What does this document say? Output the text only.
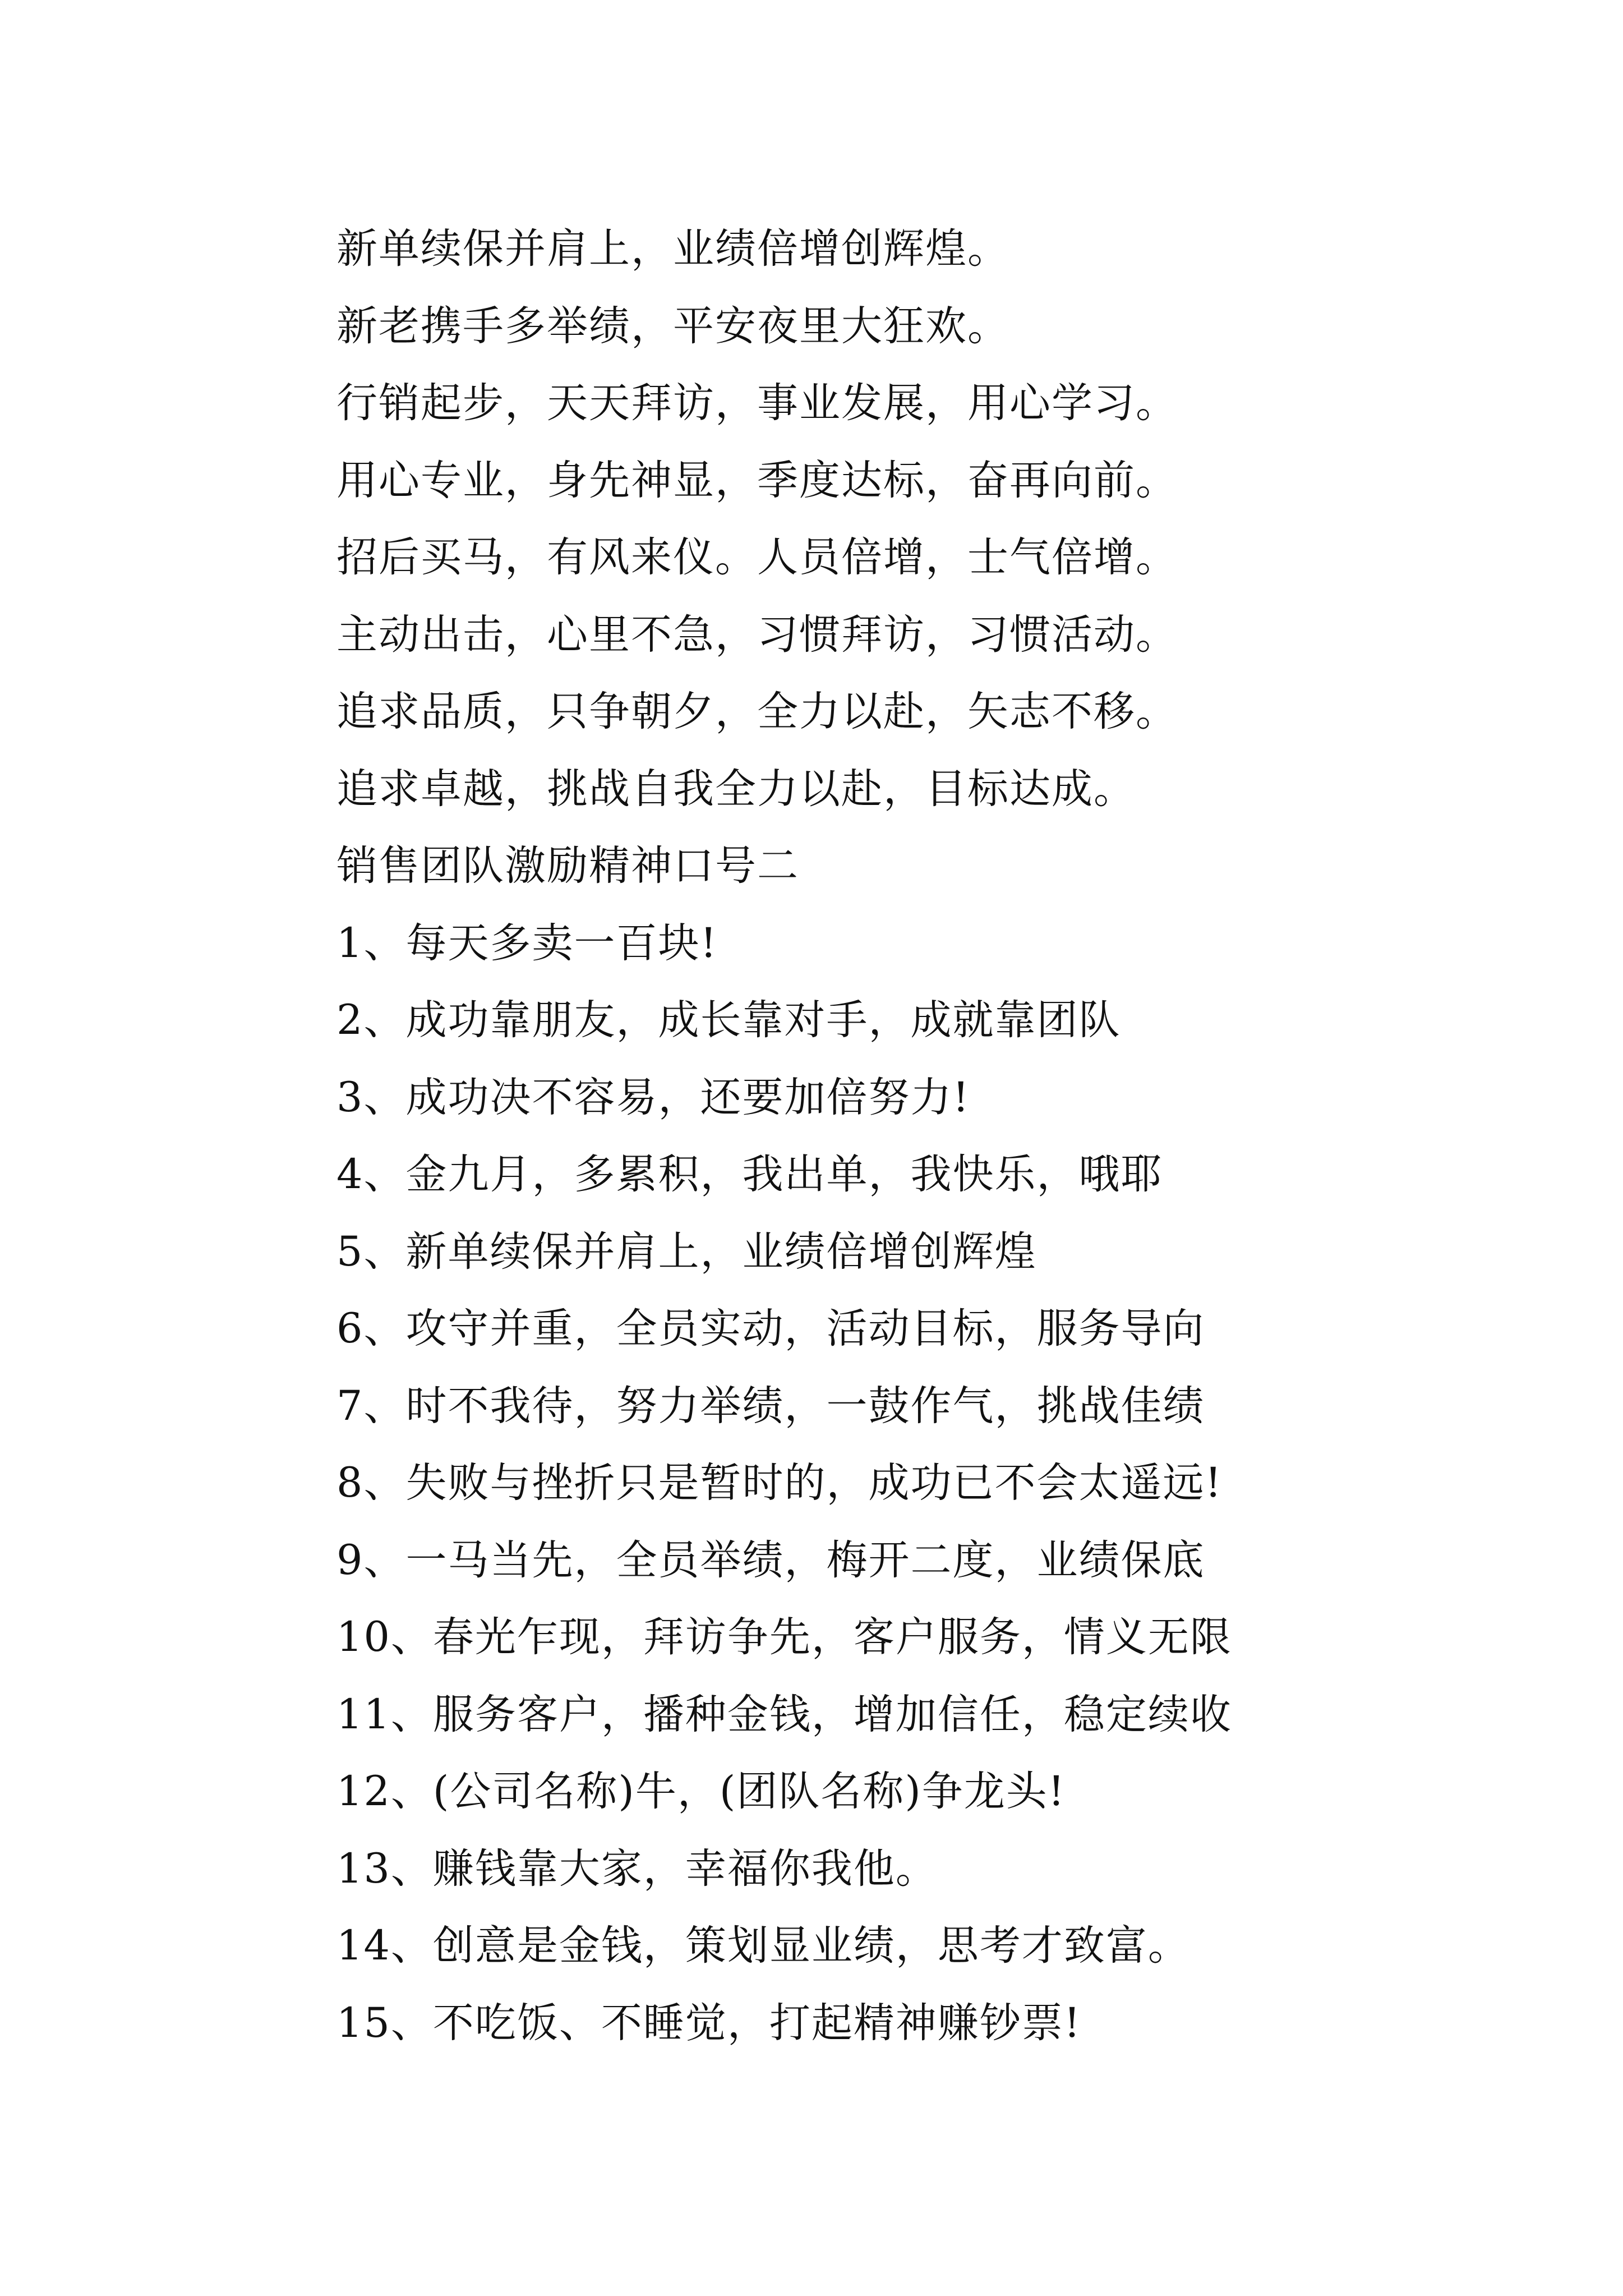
新单续保并肩上，业绩倍增创辉煌。
新老携手多举绩，平安夜里大狂欢。
行销起步，天天拜访，事业发展，用心学习。
用心专业，身先神显，季度达标，奋再向前。
招后买马，有风来仪。人员倍增，士气倍增。
主动出击，心里不急，习惯拜访，习惯活动。
追求品质，只争朝夕，全力以赴，矢志不移。
追求卓越，挑战自我全力以赴，目标达成。
销售团队激励精神口号二
1、每天多卖一百块!
2、成功靠朋友，成长靠对手，成就靠团队
3、成功决不容易，还要加倍努力!
4、金九月，多累积，我出单，我快乐，哦耶
5、新单续保并肩上，业绩倍增创辉煌
6、攻守并重，全员实动，活动目标，服务导向
7、时不我待，努力举绩，一鼓作气，挑战佳绩
8、失败与挫折只是暂时的，成功已不会太遥远!
9、一马当先，全员举绩，梅开二度，业绩保底
10、春光乍现，拜访争先，客户服务，情义无限
11、服务客户，播种金钱，增加信任，稳定续收
12、(公司名称)牛，(团队名称)争龙头!
13、赚钱靠大家，幸福你我他。
14、创意是金钱，策划显业绩，思考才致富。
15、不吃饭、不睡觉，打起精神赚钞票!
